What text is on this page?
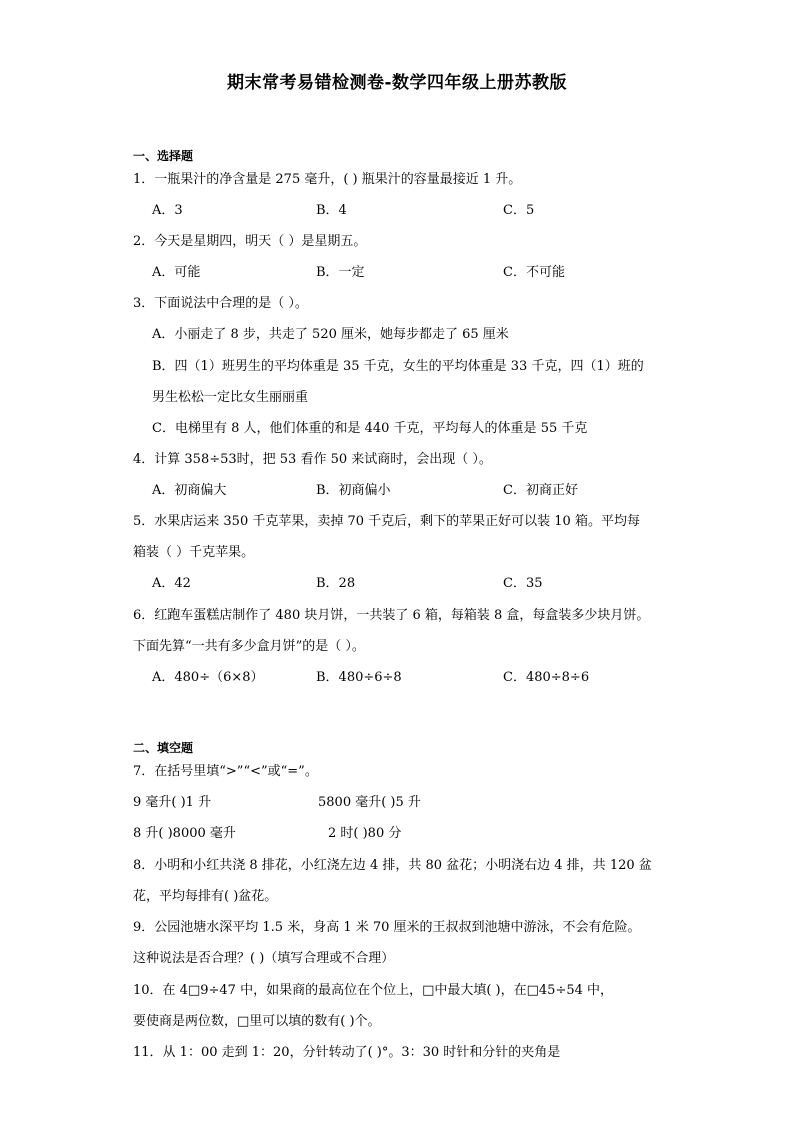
期末常考易错检测卷-数学四年级上册苏教版
一、选择题
1．一瓶果汁的净含量是 275 毫升，( ) 瓶果汁的容量最接近 1 升。
A．3	B．4	C．5
2．今天是星期四，明天（ ）是星期五。
A．可能	B．一定	C．不可能
3．下面说法中合理的是（ ）。
A．小丽走了 8 步，共走了 520 厘米，她每步都走了 65 厘米
B．四（1）班男生的平均体重是 35 千克，女生的平均体重是 33 千克，四（1）班的
男生松松一定比女生丽丽重
C．电梯里有 8 人，他们体重的和是 440 千克，平均每人的体重是 55 千克
4．计算 358÷53时，把 53 看作 50 来试商时，会出现（ ）。
A．初商偏大	B．初商偏小	C．初商正好
5．水果店运来 350 千克苹果，卖掉 70 千克后，剩下的苹果正好可以装 10 箱。平均每
箱装（ ）千克苹果。
A．42	B．28	C．35
6．红跑车蛋糕店制作了 480 块月饼，一共装了 6 箱，每箱装 8 盒，每盒装多少块月饼。
下面先算“一共有多少盒月饼”的是（ ）。
A．480÷（6×8）	B．480÷6÷8	C．480÷8÷6
二、填空题
7．在括号里填“>”“<”或“=”。
9 毫升( )1 升	5800 毫升( )5 升
8 升( )8000 毫升	2 时( )80 分
8．小明和小红共浇 8 排花，小红浇左边 4 排，共 80 盆花；小明浇右边 4 排，共 120 盆
花，平均每排有( )盆花。
9．公园池塘水深平均 1.5 米，身高 1 米 70 厘米的王叔叔到池塘中游泳，不会有危险。
这种说法是否合理？( )（填写合理或不合理）
10．在 4□9÷47 中，如果商的最高位在个位上，□中最大填( )，在□45÷54 中，
要使商是两位数，□里可以填的数有( )个。
11．从 1：00 走到 1：20，分针转动了( )°。3：30 时针和分针的夹角是
